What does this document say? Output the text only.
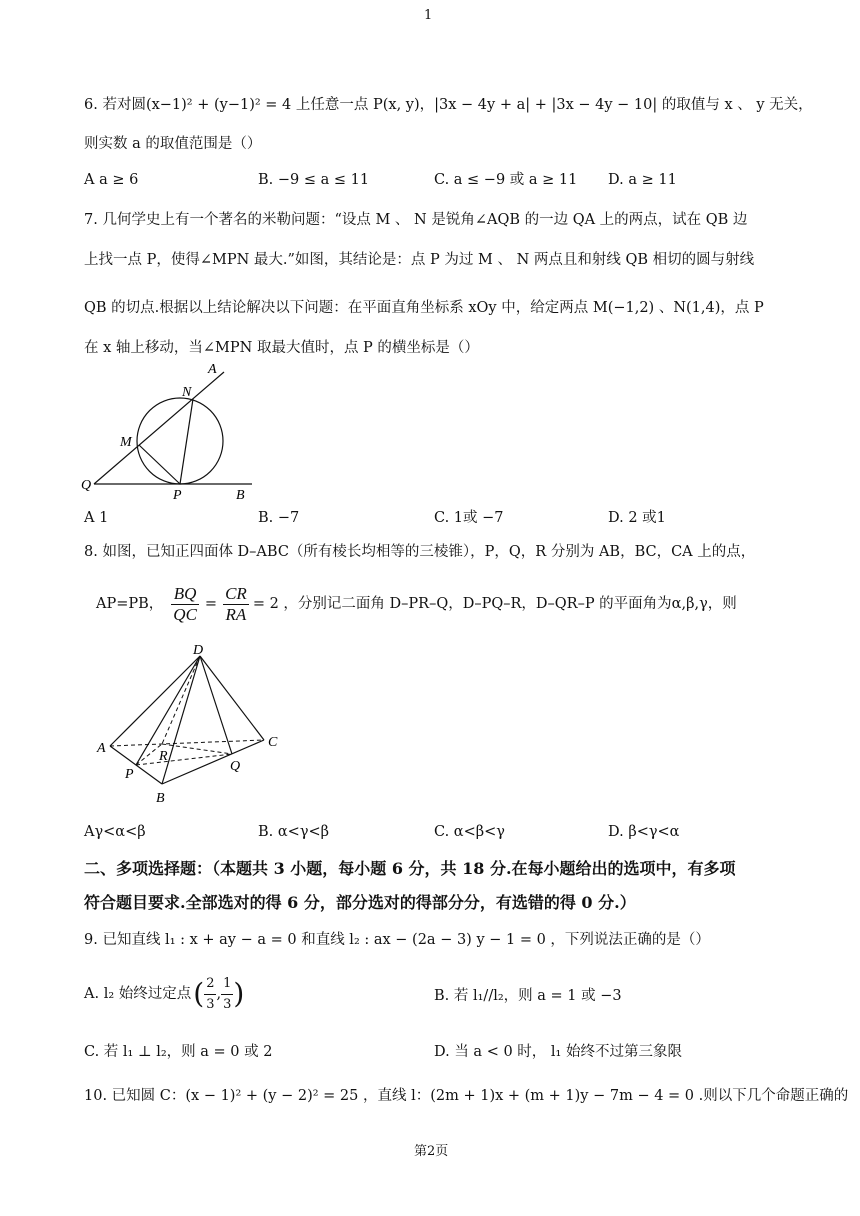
1
6. 若对圆(x−1)² + (y−1)² = 4 上任意一点 P(x, y)，|3x − 4y + a| + |3x − 4y − 10| 的取值与 x 、 y 无关，
则实数 a 的取值范围是（）
A a ≥ 6	B. −9 ≤ a ≤ 11	C. a ≤ −9 或 a ≥ 11 D. a ≥ 11
7. 几何学史上有一个著名的米勒问题：“设点 M 、 N 是锐角∠AQB 的一边 QA 上的两点，试在 QB 边
上找一点 P，使得∠MPN 最大.”如图，其结论是：点 P 为过 M 、 N 两点且和射线 QB 相切的圆与射线
QB 的切点.根据以上结论解决以下问题：在平面直角坐标系 xOy 中，给定两点 M(−1,2) 、N(1,4)，点 P
在 x 轴上移动，当∠MPN 取最大值时，点 P 的横坐标是（）
A
N
M
Q
P	B
A 1	B. −7	C. 1或 −7	D. 2 或1
8. 如图，已知正四面体 D–ABC（所有棱长均相等的三棱锥），P，Q，R 分别为 AB，BC，CA 上的点，
AP=PB， $\frac{BQ}{QC} = \frac{CR}{RA} = 2$ ，分别记二面角 D–PR–Q，D–PQ–R，D–QR–P 的平面角为α,β,γ，则
D
A	C
R
P
Q
B
Aγ<α<β	B. α<γ<β	C. α<β<γ	D. β<γ<α
二、多项选择题：（本题共 3 小题，每小题 6 分，共 18 分.在每小题给出的选项中，有多项
符合题目要求.全部选对的得 6 分，部分选对的得部分分，有选错的得 0 分.）
9. 已知直线 l₁ : x + ay − a = 0 和直线 l₂ : ax − (2a − 3) y − 1 = 0 ，下列说法正确的是（）
A. l₂ 始终过定点 ( $\frac{2}{3}$ , $\frac{1}{3}$ )	B. 若 l₁//l₂，则 a = 1 或 −3
C. 若 l₁ ⊥ l₂，则 a = 0 或 2	D. 当 a < 0 时， l₁ 始终不过第三象限
10. 已知圆 C：(x − 1)² + (y − 2)² = 25 ，直线 l：(2m + 1)x + (m + 1)y − 7m − 4 = 0 .则以下几个命题正确的
第2页
